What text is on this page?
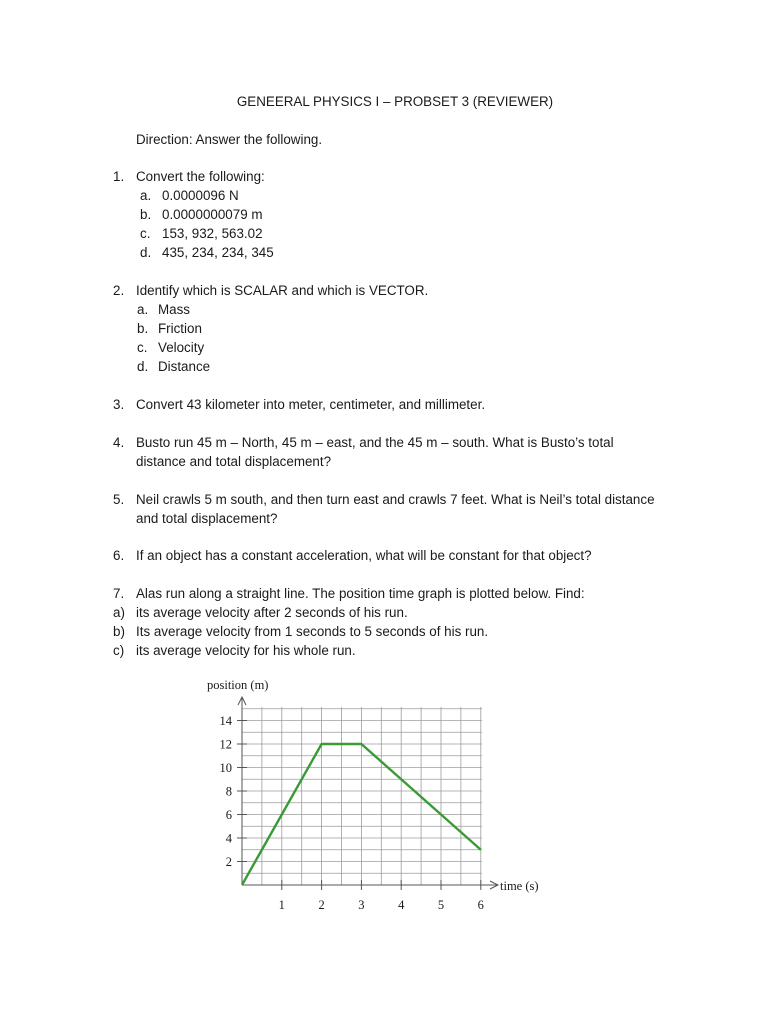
GENEERAL PHYSICS I – PROBSET 3 (REVIEWER)
Direction: Answer the following.
1. Convert the following:
a. 0.0000096 N
b. 0.0000000079 m
c. 153, 932, 563.02
d. 435, 234, 234, 345
2. Identify which is SCALAR and which is VECTOR.
a. Mass
b. Friction
c. Velocity
d. Distance
3. Convert 43 kilometer into meter, centimeter, and millimeter.
4. Busto run 45 m – North, 45 m – east, and the 45 m – south. What is Busto’s total
distance and total displacement?
5. Neil crawls 5 m south, and then turn east and crawls 7 feet. What is Neil’s total distance
and total displacement?
6. If an object has a constant acceleration, what will be constant for that object?
7. Alas run along a straight line. The position time graph is plotted below. Find:
a) its average velocity after 2 seconds of his run.
b) Its average velocity from 1 seconds to 5 seconds of his run.
c) its average velocity for his whole run.
2
4
6
8
10
12
14
1	2	3	4	5	6
position (m)
time (s)
